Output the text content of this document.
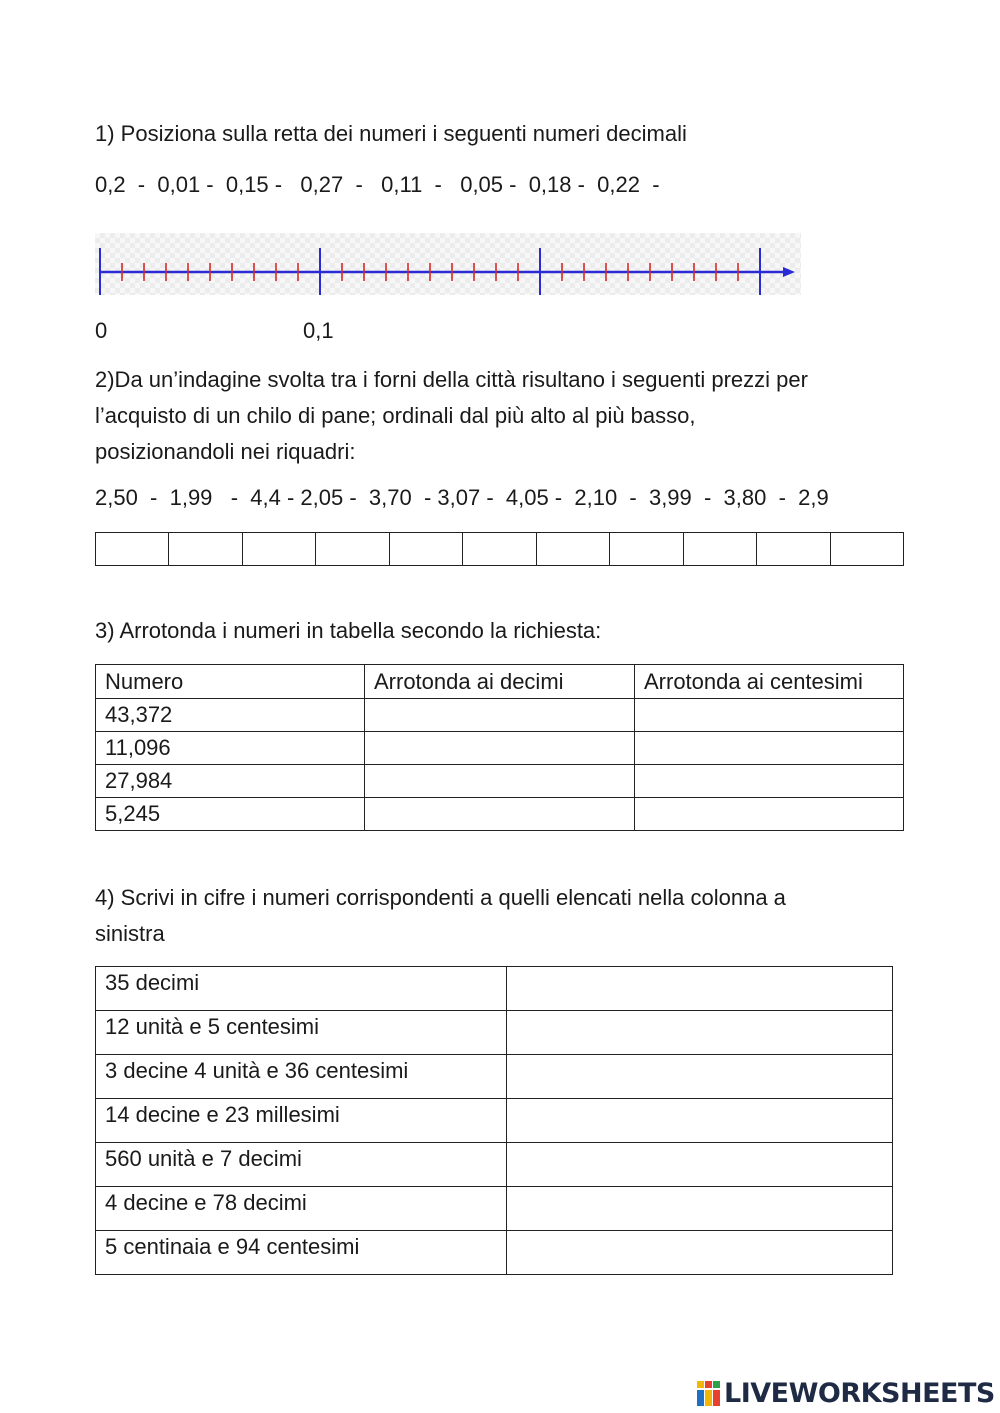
1) Posiziona sulla retta dei numeri i seguenti numeri decimali
0,2  -  0,01 -  0,15 -   0,27  -   0,11  -   0,05 -  0,18 -  0,22  -
0	0,1
2)Da un’indagine svolta tra i forni della città risultano i seguenti prezzi per
l’acquisto di un chilo di pane; ordinali dal più alto al più basso,
posizionandoli nei riquadri:
2,50  -  1,99   -  4,4 - 2,05 -  3,70  - 3,07 -  4,05 -  2,10  -  3,99  -  3,80  -  2,9

3) Arrotonda i numeri in tabella secondo la richiesta:
Numero	Arrotonda ai decimi	Arrotonda ai centesimi
43,372		
11,096		
27,984		
5,245		
4) Scrivi in cifre i numeri corrispondenti a quelli elencati nella colonna a
sinistra
35 decimi	
12 unità e 5 centesimi	
3 decine 4 unità e 36 centesimi	
14 decine e 23 millesimi	
560 unità e 7 decimi	
4 decine e 78 decimi	
5 centinaia e 94 centesimi	
LIVEWORKSHEETS
